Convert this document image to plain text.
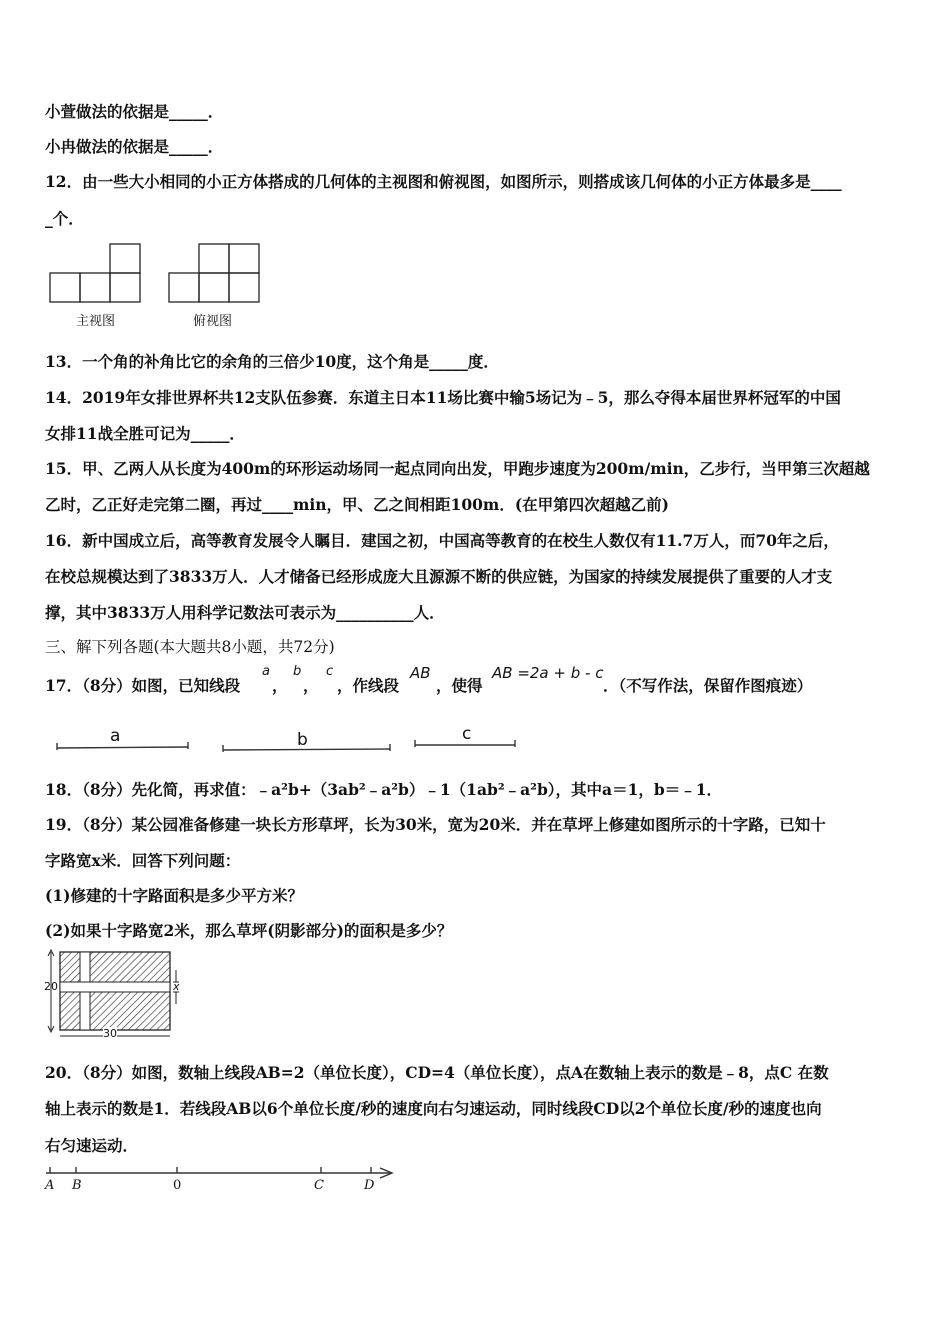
小萱做法的依据是_____．
小冉做法的依据是_____．
12．由一些大小相同的小正方体搭成的几何体的主视图和俯视图，如图所示，则搭成该几何体的小正方体最多是____
_个．
主视图	俯视图
13．一个角的补角比它的余角的三倍少10度，这个角是_____度．
14．2019年女排世界杯共12支队伍参赛．东道主日本11场比赛中输5场记为﹣5，那么夺得本届世界杯冠军的中国
女排11战全胜可记为_____．
15．甲、乙两人从长度为400m的环形运动场同一起点同向出发，甲跑步速度为200m/min，乙步行，当甲第三次超越
乙时，乙正好走完第二圈，再过____min，甲、乙之间相距100m．(在甲第四次超越乙前)
16．新中国成立后，高等教育发展令人瞩目．建国之初，中国高等教育的在校生人数仅有11.7万人，而70年之后，
在校总规模达到了3833万人．人才储备已经形成庞大且源源不断的供应链，为国家的持续发展提供了重要的人才支
撑，其中3833万人用科学记数法可表示为__________人．
三、解下列各题(本大题共8小题，共72分)
17．（8分）如图，已知线段
a
，
b
，
c
，作线段
AB
，使得
AB =2a + b - c
．（不写作法，保留作图痕迹）
a	b	c
18．（8分）先化简，再求值：﹣a²b+（3ab²﹣a²b）﹣1（1ab²﹣a²b），其中a＝1，b＝﹣1．
19．（8分）某公园准备修建一块长方形草坪，长为30米，宽为20米．并在草坪上修建如图所示的十字路，已知十
字路宽x米．回答下列问题：
(1)修建的十字路面积是多少平方米？
(2)如果十字路宽2米，那么草坪(阴影部分)的面积是多少？
20
30
x
20．（8分）如图，数轴上线段AB=2（单位长度），CD=4（单位长度），点A在数轴上表示的数是﹣8，点C 在数
轴上表示的数是1．若线段AB以6个单位长度/秒的速度向右匀速运动，同时线段CD以2个单位长度/秒的速度也向
右匀速运动．
A B	0	C	D
